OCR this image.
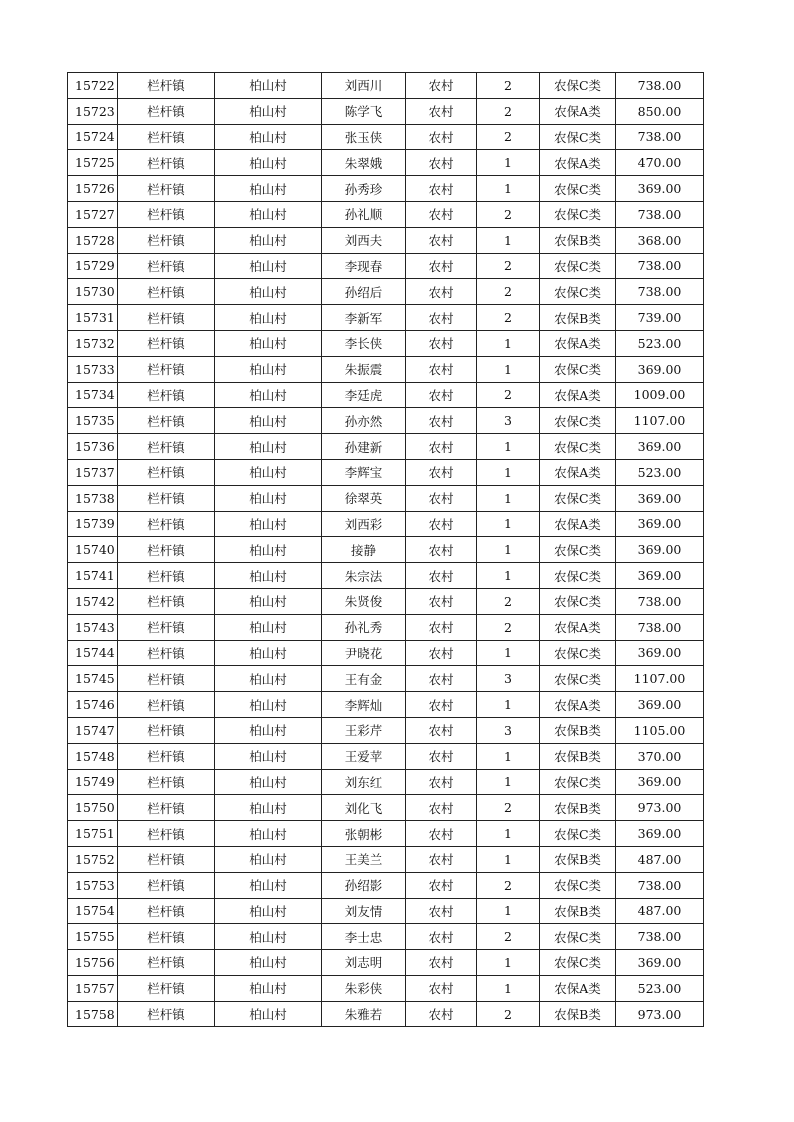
15722	栏杆镇	柏山村	刘西川	农村	2	农保C类	738.00
15723	栏杆镇	柏山村	陈学飞	农村	2	农保A类	850.00
15724	栏杆镇	柏山村	张玉侠	农村	2	农保C类	738.00
15725	栏杆镇	柏山村	朱翠娥	农村	1	农保A类	470.00
15726	栏杆镇	柏山村	孙秀珍	农村	1	农保C类	369.00
15727	栏杆镇	柏山村	孙礼顺	农村	2	农保C类	738.00
15728	栏杆镇	柏山村	刘西夫	农村	1	农保B类	368.00
15729	栏杆镇	柏山村	李现春	农村	2	农保C类	738.00
15730	栏杆镇	柏山村	孙绍后	农村	2	农保C类	738.00
15731	栏杆镇	柏山村	李新军	农村	2	农保B类	739.00
15732	栏杆镇	柏山村	李长侠	农村	1	农保A类	523.00
15733	栏杆镇	柏山村	朱振震	农村	1	农保C类	369.00
15734	栏杆镇	柏山村	李廷虎	农村	2	农保A类	1009.00
15735	栏杆镇	柏山村	孙亦然	农村	3	农保C类	1107.00
15736	栏杆镇	柏山村	孙建新	农村	1	农保C类	369.00
15737	栏杆镇	柏山村	李辉宝	农村	1	农保A类	523.00
15738	栏杆镇	柏山村	徐翠英	农村	1	农保C类	369.00
15739	栏杆镇	柏山村	刘西彩	农村	1	农保A类	369.00
15740	栏杆镇	柏山村	接静	农村	1	农保C类	369.00
15741	栏杆镇	柏山村	朱宗法	农村	1	农保C类	369.00
15742	栏杆镇	柏山村	朱贤俊	农村	2	农保C类	738.00
15743	栏杆镇	柏山村	孙礼秀	农村	2	农保A类	738.00
15744	栏杆镇	柏山村	尹晓花	农村	1	农保C类	369.00
15745	栏杆镇	柏山村	王有金	农村	3	农保C类	1107.00
15746	栏杆镇	柏山村	李辉灿	农村	1	农保A类	369.00
15747	栏杆镇	柏山村	王彩芹	农村	3	农保B类	1105.00
15748	栏杆镇	柏山村	王爱苹	农村	1	农保B类	370.00
15749	栏杆镇	柏山村	刘东红	农村	1	农保C类	369.00
15750	栏杆镇	柏山村	刘化飞	农村	2	农保B类	973.00
15751	栏杆镇	柏山村	张朝彬	农村	1	农保C类	369.00
15752	栏杆镇	柏山村	王美兰	农村	1	农保B类	487.00
15753	栏杆镇	柏山村	孙绍影	农村	2	农保C类	738.00
15754	栏杆镇	柏山村	刘友情	农村	1	农保B类	487.00
15755	栏杆镇	柏山村	李士忠	农村	2	农保C类	738.00
15756	栏杆镇	柏山村	刘志明	农村	1	农保C类	369.00
15757	栏杆镇	柏山村	朱彩侠	农村	1	农保A类	523.00
15758	栏杆镇	柏山村	朱雅若	农村	2	农保B类	973.00
